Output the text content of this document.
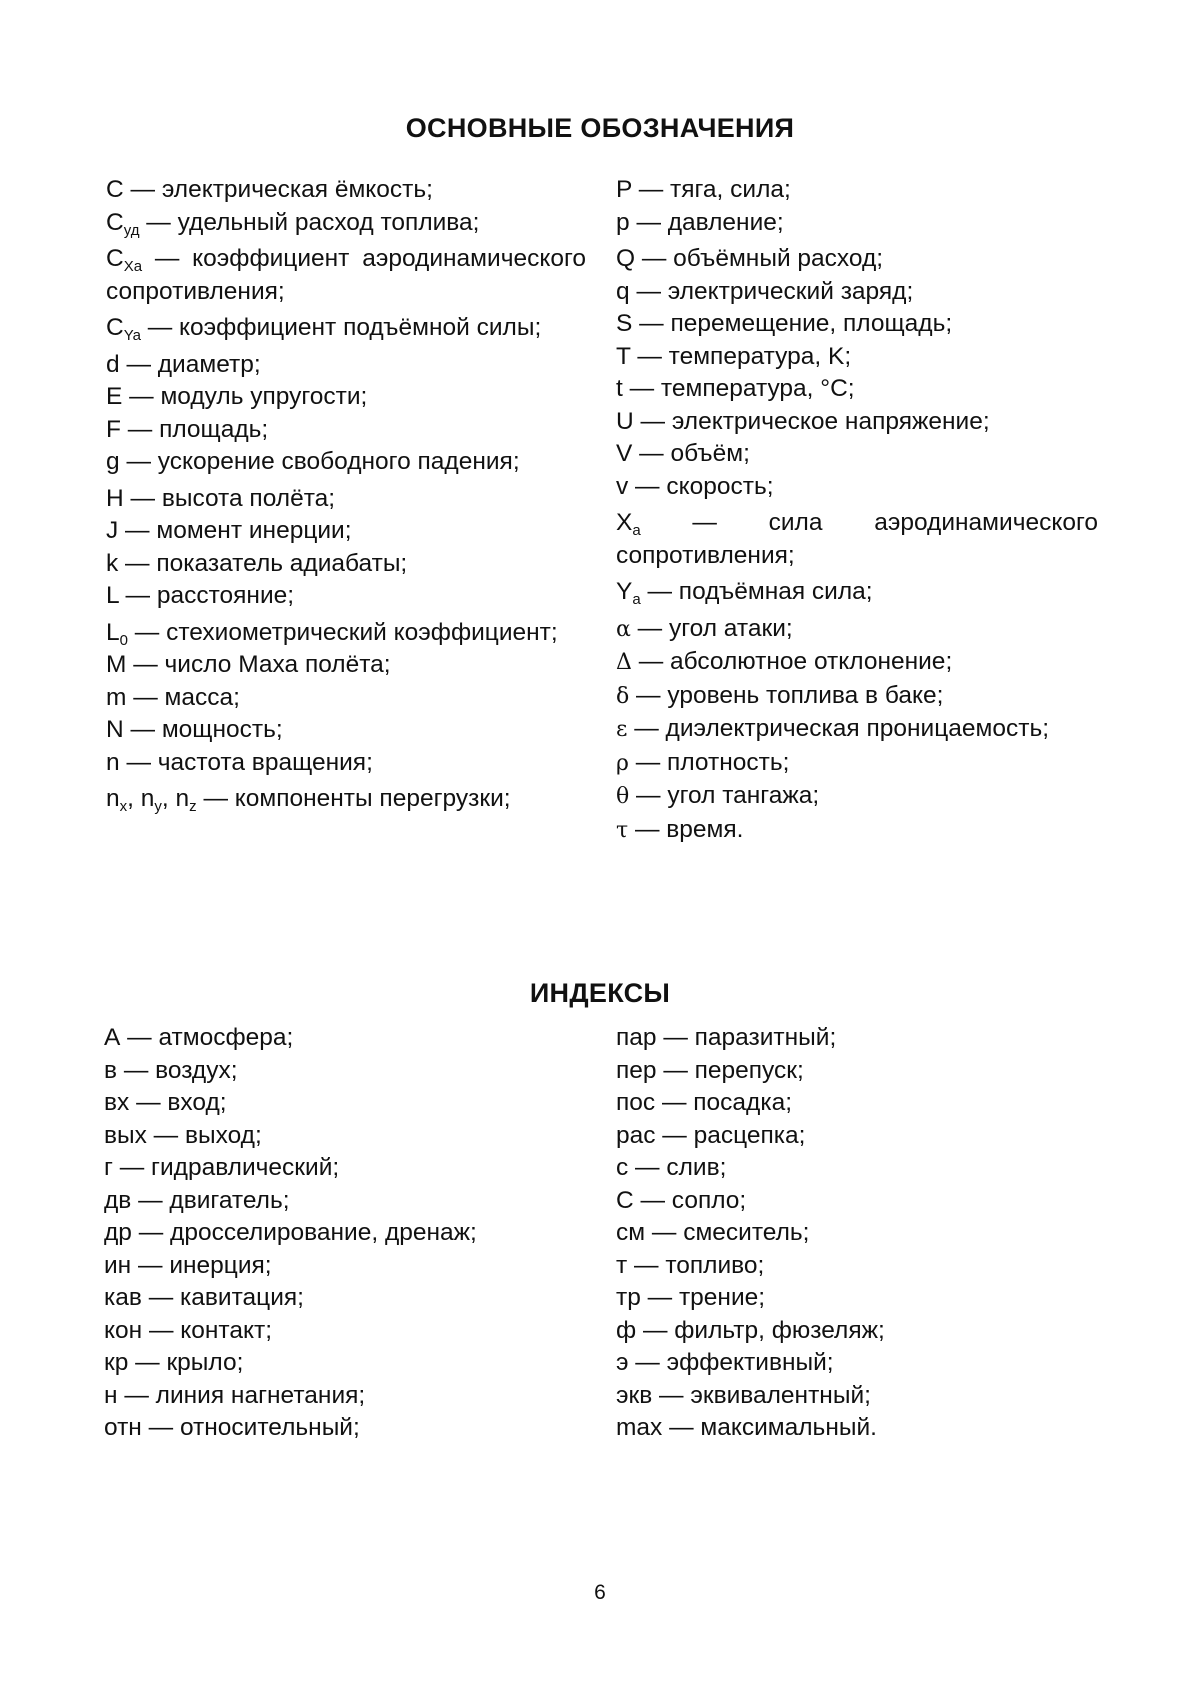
ОСНОВНЫЕ ОБОЗНАЧЕНИЯ

C — электрическая ёмкость;

$C_{уд}$ — удельный расход топлива;

$C_{Xa}$ — коэффициент аэродинамического сопротивления;

$C_{Ya}$ — коэффициент подъёмной силы;

d — диаметр;

E — модуль упругости;

F — площадь;

g — ускорение свободного падения;

H — высота полёта;

J — момент инерции;

k — показатель адиабаты;

L — расстояние;

$L_0$ — стехиометрический коэффициент;

M — число Маха полёта;

m — масса;

N — мощность;

n — частота вращения;

$n_x$, $n_y$, $n_z$ — компоненты перегрузки;

P — тяга, сила;

p — давление;

Q — объёмный расход;

q — электрический заряд;

S — перемещение, площадь;

T — температура, K;

t — температура, °C;

U — электрическое напряжение;

V — объём;

v — скорость;

$X_a$ — сила аэродинамического сопротивления;

$Y_a$ — подъёмная сила;

α — угол атаки;

Δ — абсолютное отклонение;

δ — уровень топлива в баке;

ε — диэлектрическая проницаемость;

ρ — плотность;

θ — угол тангажа;

τ — время.

ИНДЕКСЫ

А — атмосфера;

в — воздух;

вх — вход;

вых — выход;

г — гидравлический;

дв — двигатель;

др — дросселирование, дренаж;

ин — инерция;

кав — кавитация;

кон — контакт;

кр — крыло;

н — линия нагнетания;

отн — относительный;

пар — паразитный;

пер — перепуск;

пос — посадка;

рас — расцепка;

с — слив;

С — сопло;

см — смеситель;

т — топливо;

тр — трение;

ф — фильтр, фюзеляж;

э — эффективный;

экв — эквивалентный;

max — максимальный.

6
